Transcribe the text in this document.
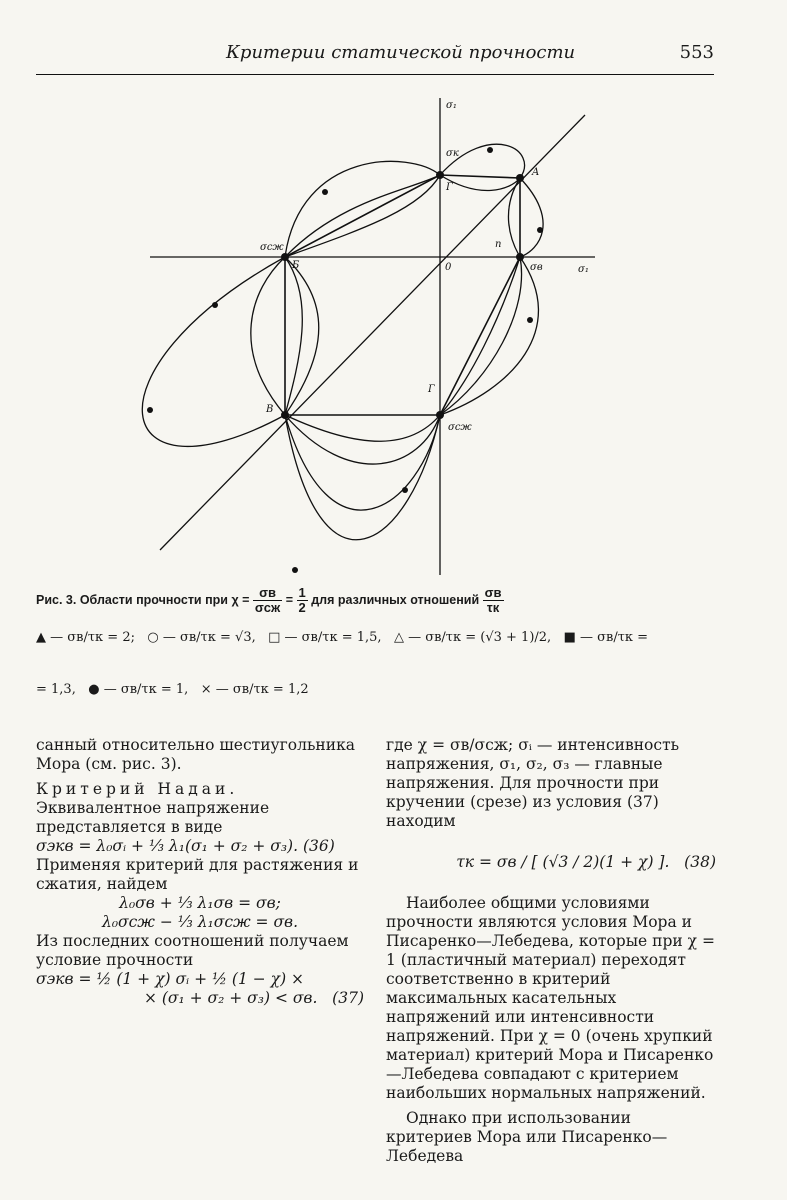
Критерии статической прочности	553
σ₁
σ₁
0
σк
A
Г
n
σсж
Б	σв
В
Г
σсж
Рис. 3. Области прочности при $\chi = \frac{\sigma в}{\text{σсж}} = \frac{1}{2}$ для различных отношений $\frac{\sigma в}{\tau к}$
▲ — σв/τк = 2; ○ — σв/τк = √3, □ — σв/τк = 1,5, △ — σв/τк = (√3 + 1)/2, ■ — σв/τк =
= 1,3, ● — σв/τк = 1, × — σв/τк = 1,2

санный относительно шестиугольника Мора (см. рис. 3).

Критерий Надаи. Эквивалентное напряжение представляется в виде

σэкв = λ₀σᵢ + ⅓ λ₁(σ₁ + σ₂ + σ₃). (36)

Применяя критерий для растяжения и сжатия, найдем

λ₀σв + ⅓ λ₁σв = σв;

λ₀σсж − ⅓ λ₁σсж = σв.

Из последних соотношений получаем условие прочности

σэкв = ½ (1 + χ) σᵢ + ½ (1 − χ) ×

× (σ₁ + σ₂ + σ₃) < σв. (37)

где χ = σв/σсж; σᵢ — интенсивность напряжения, σ₁, σ₂, σ₃ — главные напряжения. Для прочности при кручении (срезе) из условия (37) находим

τк = σв / [ (√3 / 2)(1 + χ) ]. (38)

Наиболее общими условиями прочности являются условия Мора и Писаренко—Лебедева, которые при χ = 1 (пластичный материал) переходят соответственно в критерий максимальных касательных напряжений или интенсивности напряжений. При χ = 0 (очень хрупкий материал) критерий Мора и Писаренко—Лебедева совпадают с критерием наибольших нормальных напряжений.

Однако при использовании критериев Мора или Писаренко—Лебедева
